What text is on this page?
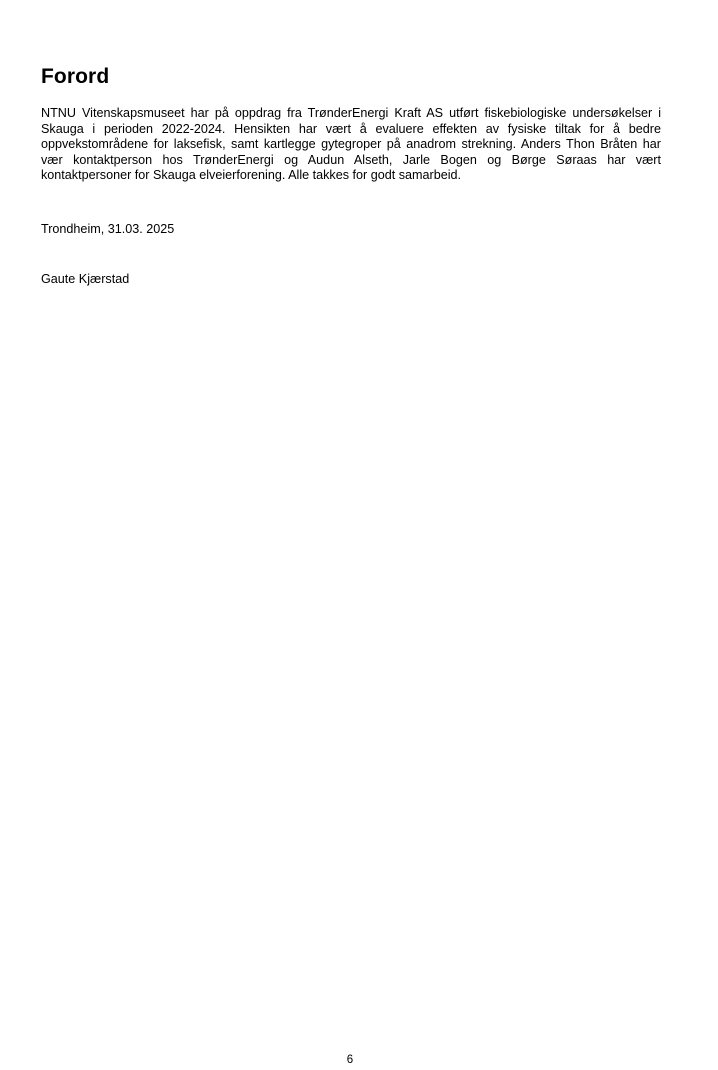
Forord

NTNU Vitenskapsmuseet har på oppdrag fra TrønderEnergi Kraft AS utført fiskebiologiske undersøkelser i Skauga i perioden 2022-2024. Hensikten har vært å evaluere effekten av fysiske tiltak for å bedre oppvekstområdene for laksefisk, samt kartlegge gytegroper på anadrom strekning. Anders Thon Bråten har vær kontaktperson hos TrønderEnergi og Audun Alseth, Jarle Bogen og Børge Søraas har vært kontaktpersoner for Skauga elveierforening. Alle takkes for godt samarbeid.

Trondheim, 31.03. 2025

Gaute Kjærstad

6
